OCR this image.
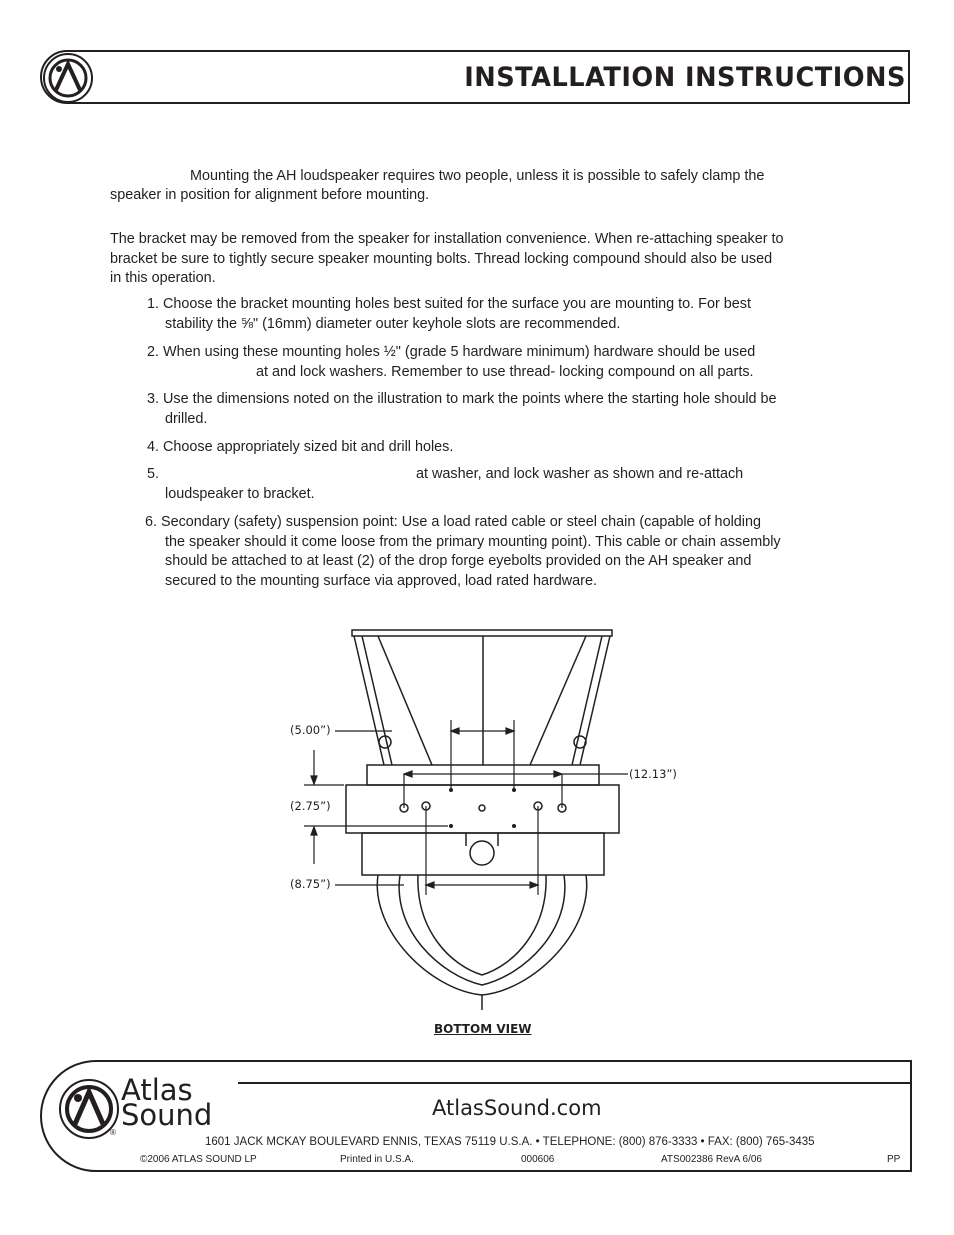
INSTALLATION INSTRUCTIONS
Mounting the AH loudspeaker requires two people, unless it is possible to safely clamp the
speaker in position for alignment before mounting.
The bracket may be removed from the speaker for installation convenience. When re-attaching speaker to
bracket be sure to tightly secure speaker mounting bolts. Thread locking compound should also be used
in this operation.
1. Choose the bracket mounting holes best suited for the surface you are mounting to. For best
stability the ⅝" (16mm) diameter outer keyhole slots are recommended.
2. When using these mounting holes ½" (grade 5 hardware minimum) hardware should be used
at and lock washers. Remember to use thread- locking compound on all parts.
3. Use the dimensions noted on the illustration to mark the points where the starting hole should be
drilled.
4. Choose appropriately sized bit and drill holes.
5.	at washer, and lock washer as shown and re-attach
loudspeaker to bracket.
6. Secondary (safety) suspension point: Use a load rated cable or steel chain (capable of holding
the speaker should it come loose from the primary mounting point). This cable or chain assembly
should be attached to at least (2) of the drop forge eyebolts provided on the AH speaker and
secured to the mounting surface via approved, load rated hardware.
(5.00”)
(12.13”)
(2.75”)
(8.75”)
BOTTOM VIEW
Atlas
Sound
®
AtlasSound.com
1601 JACK MCKAY BOULEVARD ENNIS, TEXAS 75119 U.S.A. • TELEPHONE: (800) 876-3333 • FAX: (800) 765-3435
©2006 ATLAS SOUND LP	Printed in U.S.A.	000606	ATS002386 RevA 6/06	PP
